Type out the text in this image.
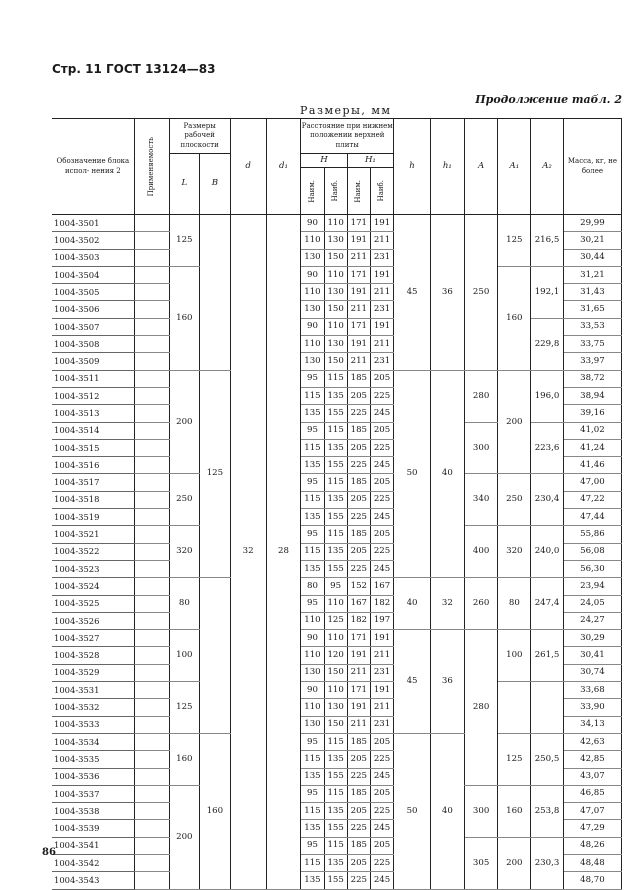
Стр. 11 ГОСТ 13124—83
Продолжение табл. 2
Размеры, мм
Обозначение блока испол- нения 2	Применяемость	Размеры рабочей плоскости		d	d₁	Расстояние при нижнем положении верхней плиты				h	h₁	A	A₁	A₂	Масса, кг, не более
		L	B			H		H₁							

						Наим.	Наиб.	Наим.	Наиб.						

1004-3501		125		32	28	90	110	171	191	45	36	250	125	216,5	29,99
1004-3502						110	130	191	211						30,21
1004-3503						130	150	211	231						30,44
1004-3504		160				90	110	171	191				160	192,1	31,21
1004-3505						110	130	191	211						31,43
1004-3506						130	150	211	231						31,65
1004-3507						90	110	171	191					229,8	33,53
1004-3508						110	130	191	211						33,75
1004-3509						130	150	211	231						33,97
1004-3511		200	125			95	115	185	205	50	40	280	200	196,0	38,72
1004-3512						115	135	205	225						38,94
1004-3513						135	155	225	245						39,16
1004-3514						95	115	185	205			300		223,6	41,02
1004-3515						115	135	205	225						41,24
1004-3516						135	155	225	245						41,46
1004-3517		250				95	115	185	205			340	250	230,4	47,00
1004-3518						115	135	205	225						47,22
1004-3519						135	155	225	245						47,44
1004-3521		320				95	115	185	205			400	320	240,0	55,86
1004-3522						115	135	205	225						56,08
1004-3523						135	155	225	245						56,30
1004-3524		80				80	95	152	167	40	32	260	80	247,4	23,94
1004-3525						95	110	167	182						24,05
1004-3526						110	125	182	197						24,27
1004-3527		100				90	110	171	191	45	36	280	100	261,5	30,29
1004-3528						110	120	191	211						30,41
1004-3529						130	150	211	231						30,74
1004-3531		125				90	110	171	191						33,68
1004-3532						110	130	191	211						33,90
1004-3533						130	150	211	231						34,13
1004-3534		160	160			95	115	185	205	50	40		125	250,5	42,63
1004-3535						115	135	205	225						42,85
1004-3536						135	155	225	245						43,07
1004-3537		200				95	115	185	205			300	160	253,8	46,85
1004-3538						115	135	205	225						47,07
1004-3539						135	155	225	245						47,29
1004-3541						95	115	185	205			305	200	230,3	48,26
1004-3542						115	135	205	225						48,48
1004-3543						135	155	225	245						48,70
86
